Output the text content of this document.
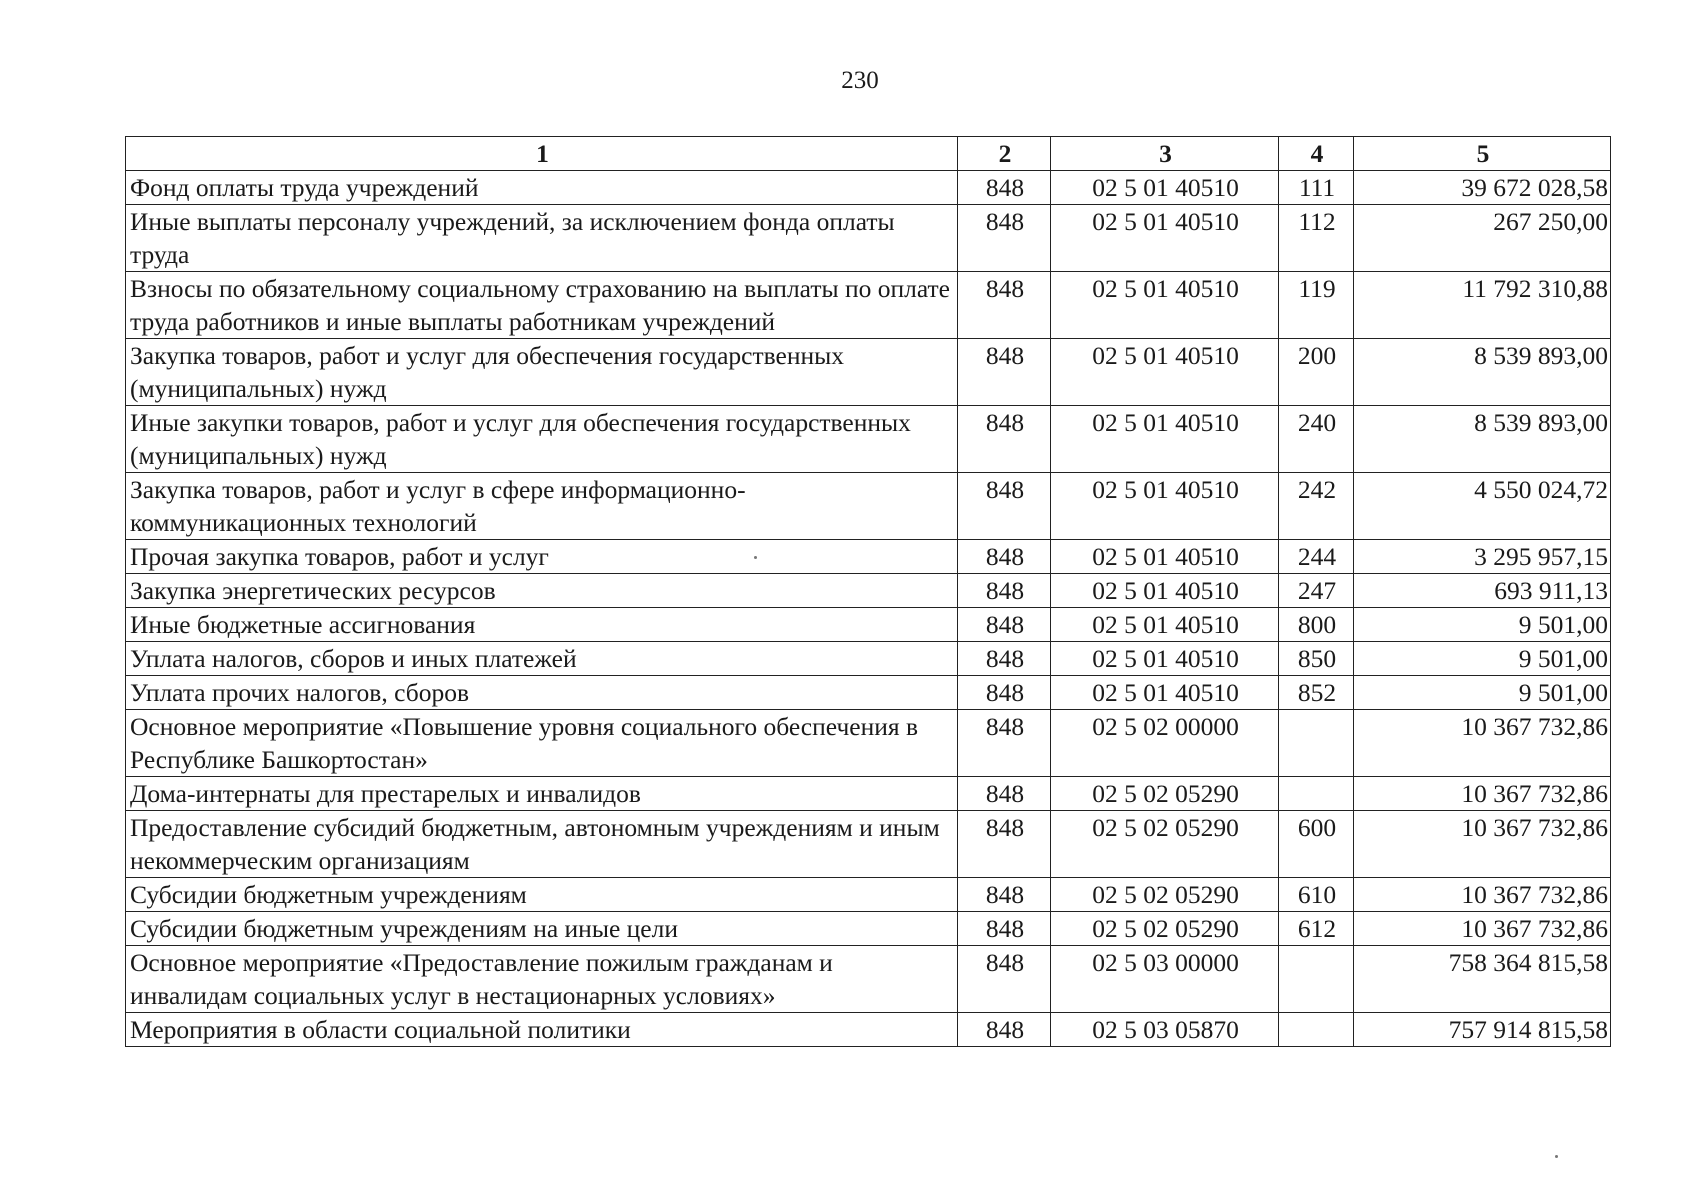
230
1	2	3	4	5
Фонд оплаты труда учреждений	848	02 5 01 40510	111	39 672 028,58
Иные выплаты персоналу учреждений, за исключением фонда оплаты труда	848	02 5 01 40510	112	267 250,00
Взносы по обязательному социальному страхованию на выплаты по оплате труда работников и иные выплаты работникам учреждений	848	02 5 01 40510	119	11 792 310,88
Закупка товаров, работ и услуг для обеспечения государственных (муниципальных) нужд	848	02 5 01 40510	200	8 539 893,00
Иные закупки товаров, работ и услуг для обеспечения государственных (муниципальных) нужд	848	02 5 01 40510	240	8 539 893,00
Закупка товаров, работ и услуг в сфере информационно-коммуникационных технологий	848	02 5 01 40510	242	4 550 024,72
Прочая закупка товаров, работ и услуг	848	02 5 01 40510	244	3 295 957,15
Закупка энергетических ресурсов	848	02 5 01 40510	247	693 911,13
Иные бюджетные ассигнования	848	02 5 01 40510	800	9 501,00
Уплата налогов, сборов и иных платежей	848	02 5 01 40510	850	9 501,00
Уплата прочих налогов, сборов	848	02 5 01 40510	852	9 501,00
Основное мероприятие «Повышение уровня социального обеспечения в Республике Башкортостан»	848	02 5 02 00000		10 367 732,86
Дома-интернаты для престарелых и инвалидов	848	02 5 02 05290		10 367 732,86
Предоставление субсидий бюджетным, автономным учреждениям и иным некоммерческим организациям	848	02 5 02 05290	600	10 367 732,86
Субсидии бюджетным учреждениям	848	02 5 02 05290	610	10 367 732,86
Субсидии бюджетным учреждениям на иные цели	848	02 5 02 05290	612	10 367 732,86
Основное мероприятие «Предоставление пожилым гражданам и инвалидам социальных услуг в нестационарных условиях»	848	02 5 03 00000		758 364 815,58
Мероприятия в области социальной политики	848	02 5 03 05870		757 914 815,58
